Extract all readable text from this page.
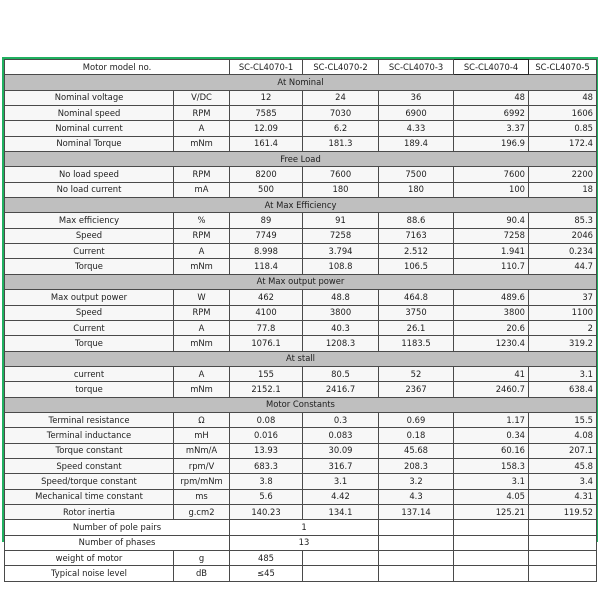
Motor model no.		SC-CL4070-1	SC-CL4070-2	SC-CL4070-3	SC-CL4070-4	SC-CL4070-5
At Nominal						
Nominal voltage	V/DC	12	24	36	48	48
Nominal speed	RPM	7585	7030	6900	6992	1606
Nominal current	A	12.09	6.2	4.33	3.37	0.85
Nominal Torque	mNm	161.4	181.3	189.4	196.9	172.4
Free Load						
No load speed	RPM	8200	7600	7500	7600	2200
No load current	mA	500	180	180	100	18
At Max Efficiency						
Max efficiency	%	89	91	88.6	90.4	85.3
Speed	RPM	7749	7258	7163	7258	2046
Current	A	8.998	3.794	2.512	1.941	0.234
Torque	mNm	118.4	108.8	106.5	110.7	44.7
At Max output power						
Max output power	W	462	48.8	464.8	489.6	37
Speed	RPM	4100	3800	3750	3800	1100
Current	A	77.8	40.3	26.1	20.6	2
Torque	mNm	1076.1	1208.3	1183.5	1230.4	319.2
At stall						
current	A	155	80.5	52	41	3.1
torque	mNm	2152.1	2416.7	2367	2460.7	638.4
Motor Constants						
Terminal resistance	Ω	0.08	0.3	0.69	1.17	15.5
Terminal inductance	mH	0.016	0.083	0.18	0.34	4.08
Torque constant	mNm/A	13.93	30.09	45.68	60.16	207.1
Speed constant	rpm/V	683.3	316.7	208.3	158.3	45.8
Speed/torque constant	rpm/mNm	3.8	3.1	3.2	3.1	3.4
Mechanical time constant	ms	5.6	4.42	4.3	4.05	4.31
Rotor inertia	g.cm2	140.23	134.1	137.14	125.21	119.52
Number of pole pairs		1				
Number of phases		13				
weight of motor	g	485				
Typical noise level	dB	≤45				
